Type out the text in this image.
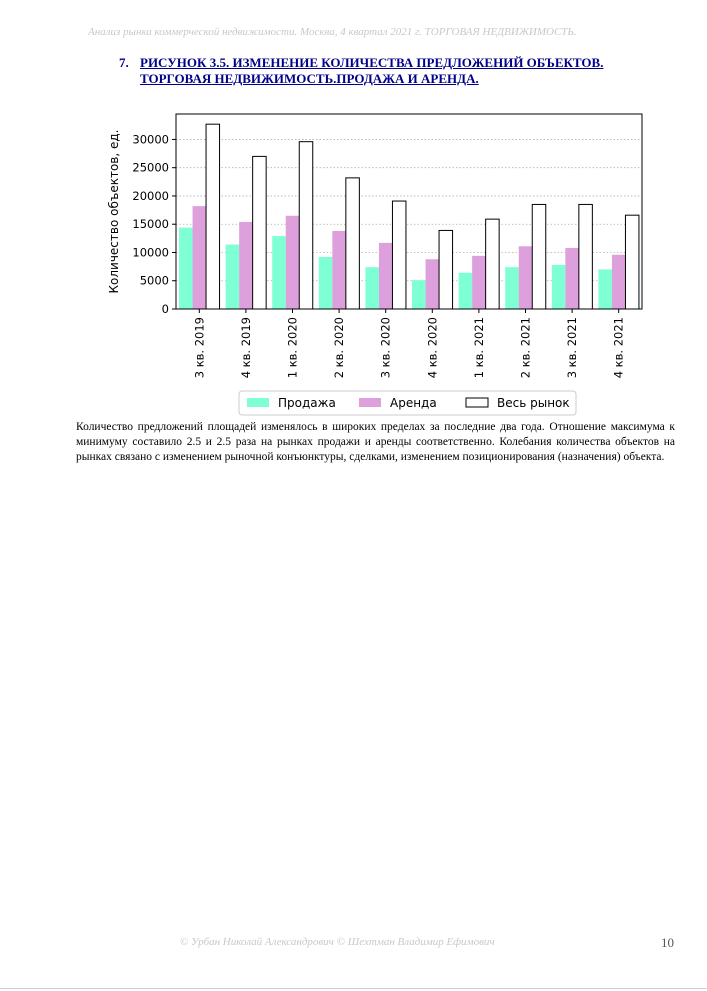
Анализ рынка коммерческой недвижимости. Москва, 4 квартал 2021 г. ТОРГОВАЯ НЕДВИЖИМОСТЬ.
7. РИСУНОК 3.5. ИЗМЕНЕНИЕ КОЛИЧЕСТВА ПРЕДЛОЖЕНИЙ ОБЪЕКТОВ. ТОРГОВАЯ НЕДВИЖИМОСТЬ.ПРОДАЖА И АРЕНДА.
0
5000
10000
15000
20000
25000
30000
3 кв. 2019	4 кв. 2019	1 кв. 2020	2 кв. 2020	3 кв. 2020	4 кв. 2020	1 кв. 2021	2 кв. 2021	3 кв. 2021	4 кв. 2021
Количество объектов, ед.
Продажа	Аренда	Весь рынок
Количество предложений площадей изменялось в широких пределах за последние два года. Отношение максимума к минимуму составило 2.5 и 2.5 раза на рынках продажи и аренды соответственно. Колебания количества объектов на рынках связано с изменением рыночной конъюнктуры, сделками, изменением позиционирования (назначения) объекта.
© Урбан Николай Александрович © Шехтман Владимир Ефимович	10
